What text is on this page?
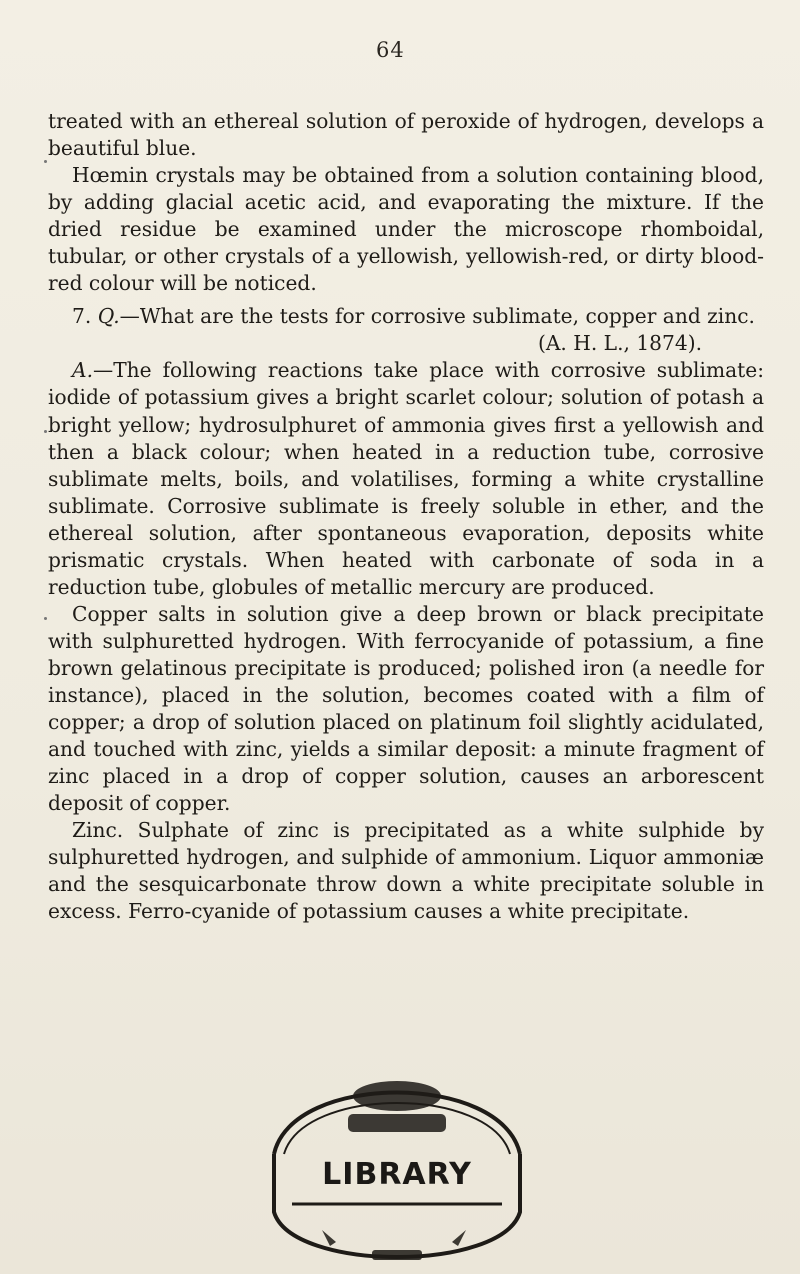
64

treated with an ethereal solution of peroxide of hydrogen, develops a beautiful blue.

Hœmin crystals may be obtained from a solution containing blood, by adding glacial acetic acid, and evaporating the mixture. If the dried residue be examined under the microscope rhomboidal, tubular, or other crystals of a yellowish, yellowish-red, or dirty blood-red colour will be noticed.

7. Q.—What are the tests for corrosive sublimate, copper and zinc.
(A. H. L., 1874).

A.—The following reactions take place with corrosive sublimate: iodide of potassium gives a bright scarlet colour; solution of potash a bright yellow; hydrosulphuret of ammonia gives first a yellowish and then a black colour; when heated in a reduction tube, corrosive sublimate melts, boils, and volatilises, forming a white crystalline sublimate. Corrosive sublimate is freely soluble in ether, and the ethereal solution, after spontaneous evaporation, deposits white prismatic crystals. When heated with carbonate of soda in a reduction tube, globules of metallic mercury are produced.

Copper salts in solution give a deep brown or black precipitate with sulphuretted hydrogen. With ferrocyanide of potassium, a fine brown gelatinous precipitate is produced; polished iron (a needle for instance), placed in the solution, becomes coated with a film of copper; a drop of solution placed on platinum foil slightly acidulated, and touched with zinc, yields a similar deposit: a minute fragment of zinc placed in a drop of copper solution, causes an arborescent deposit of copper.

Zinc. Sulphate of zinc is precipitated as a white sulphide by sulphuretted hydrogen, and sulphide of ammonium. Liquor ammoniæ and the sesquicarbonate throw down a white precipitate soluble in excess. Ferro-cyanide of potassium causes a white precipitate.

LIBRARY
